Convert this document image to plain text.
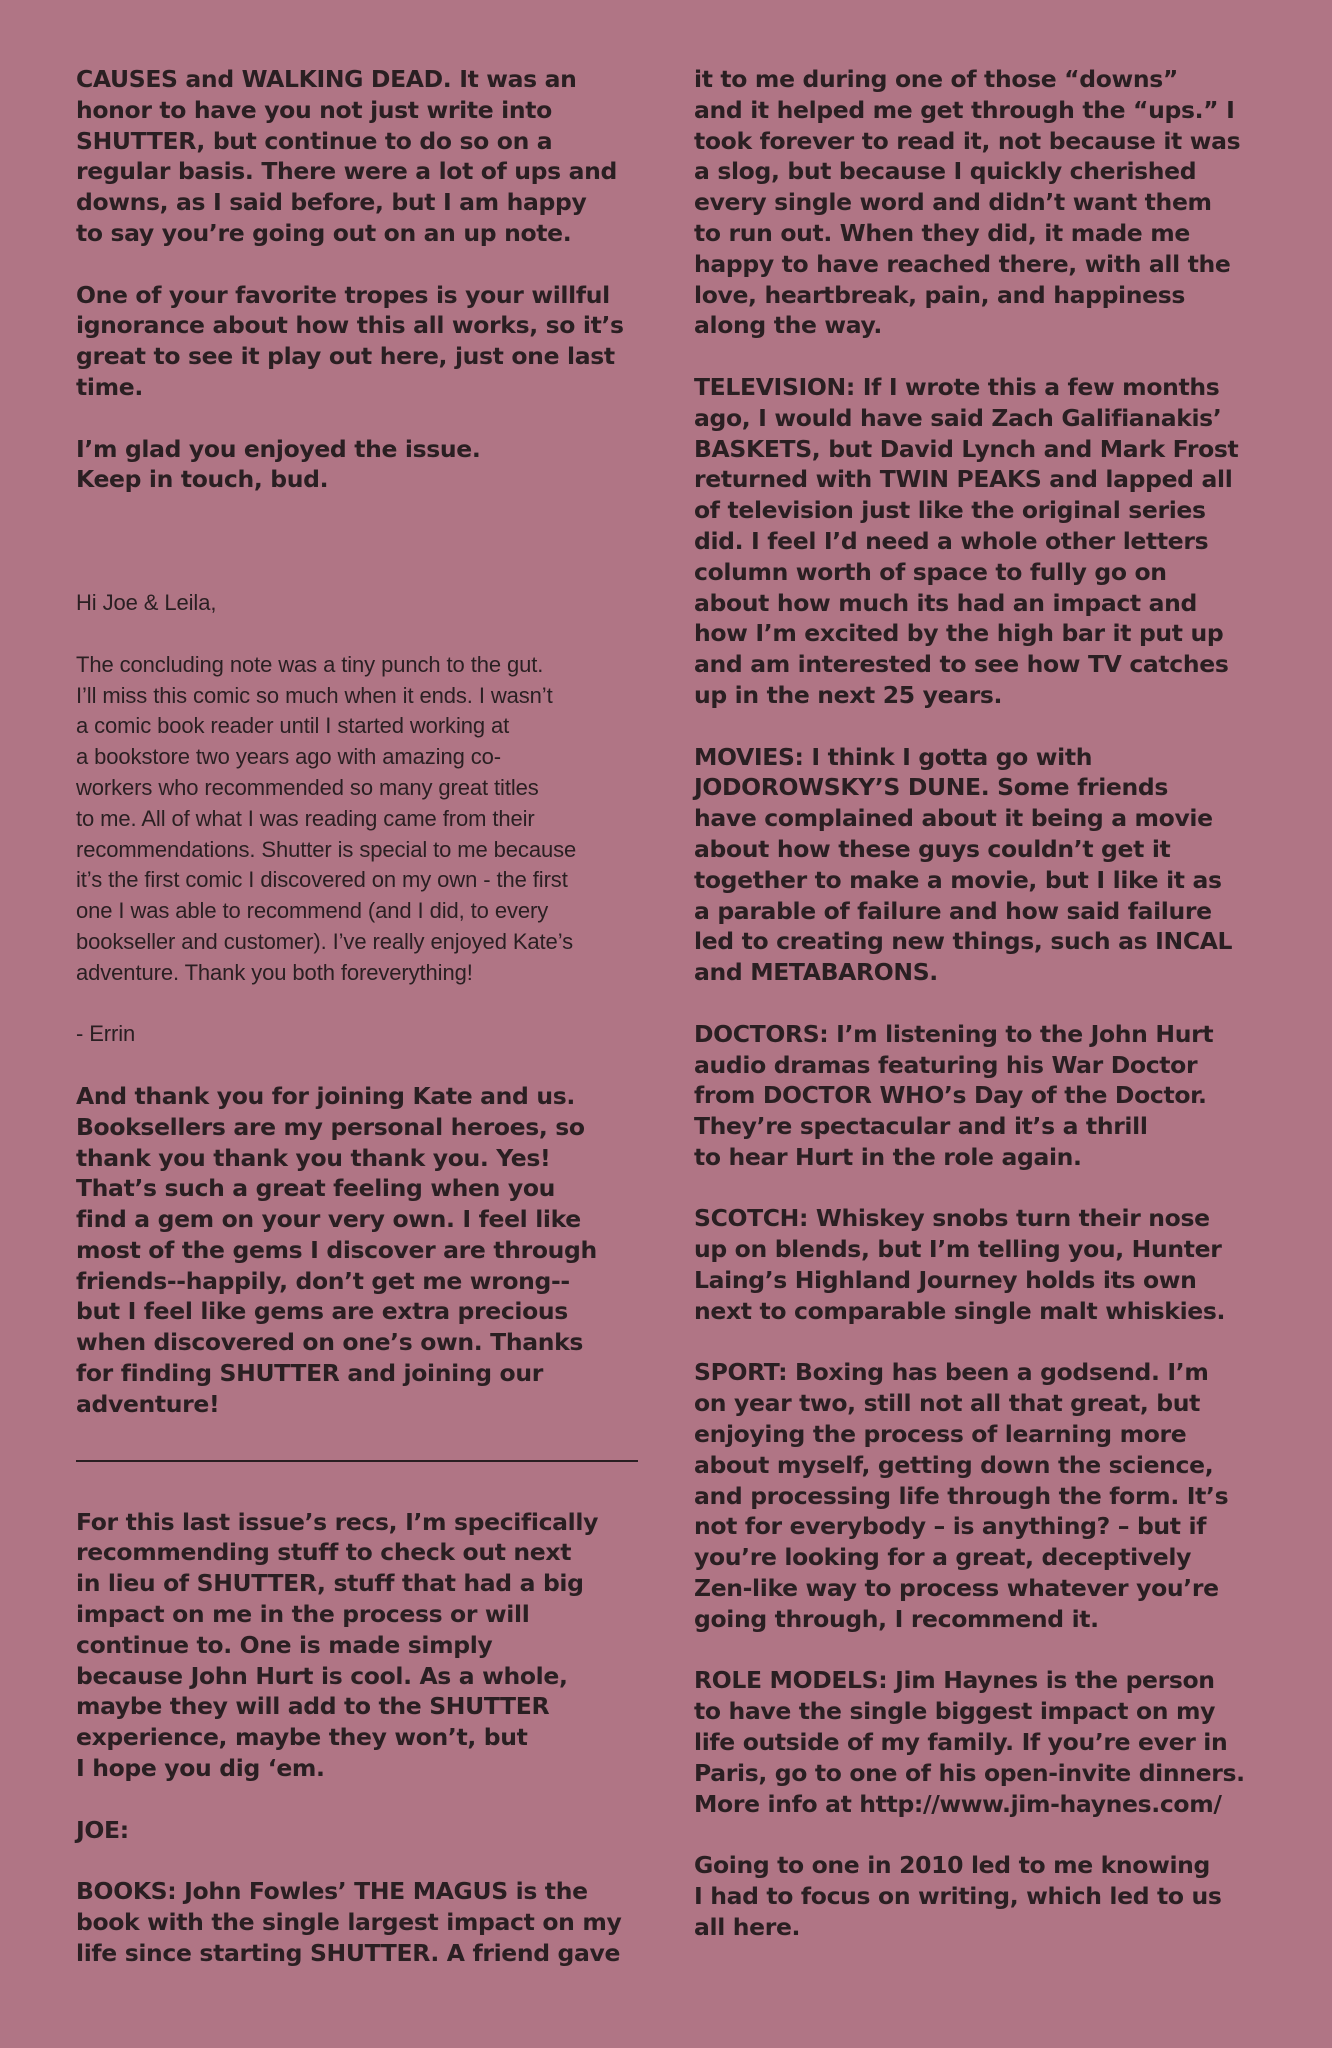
CAUSES and WALKING DEAD. It was an
honor to have you not just write into
SHUTTER, but continue to do so on a
regular basis. There were a lot of ups and
downs, as I said before, but I am happy
to say you’re going out on an up note.

One of your favorite tropes is your willful
ignorance about how this all works, so it’s
great to see it play out here, just one last
time.

I’m glad you enjoyed the issue.
Keep in touch, bud.

Hi Joe & Leila,

The concluding note was a tiny punch to the gut.
I’ll miss this comic so much when it ends. I wasn’t
a comic book reader until I started working at
a bookstore two years ago with amazing co-
workers who recommended so many great titles
to me. All of what I was reading came from their
recommendations. Shutter is special to me because
it’s the first comic I discovered on my own - the first
one I was able to recommend (and I did, to every
bookseller and customer). I’ve really enjoyed Kate’s
adventure. Thank you both foreverything!

- Errin

And thank you for joining Kate and us.
Booksellers are my personal heroes, so
thank you thank you thank you. Yes!
That’s such a great feeling when you
find a gem on your very own. I feel like
most of the gems I discover are through
friends--happily, don’t get me wrong--
but I feel like gems are extra precious
when discovered on one’s own. Thanks
for finding SHUTTER and joining our
adventure!

For this last issue’s recs, I’m specifically
recommending stuff to check out next
in lieu of SHUTTER, stuff that had a big
impact on me in the process or will
continue to. One is made simply
because John Hurt is cool. As a whole,
maybe they will add to the SHUTTER
experience, maybe they won’t, but
I hope you dig ‘em.

JOE:

BOOKS: John Fowles’ THE MAGUS is the
book with the single largest impact on my
life since starting SHUTTER. A friend gave

it to me during one of those “downs”
and it helped me get through the “ups.” I
took forever to read it, not because it was
a slog, but because I quickly cherished
every single word and didn’t want them
to run out. When they did, it made me
happy to have reached there, with all the
love, heartbreak, pain, and happiness
along the way.

TELEVISION: If I wrote this a few months
ago, I would have said Zach Galifianakis’
BASKETS, but David Lynch and Mark Frost
returned with TWIN PEAKS and lapped all
of television just like the original series
did. I feel I’d need a whole other letters
column worth of space to fully go on
about how much its had an impact and
how I’m excited by the high bar it put up
and am interested to see how TV catches
up in the next 25 years.

MOVIES: I think I gotta go with
JODOROWSKY’S DUNE. Some friends
have complained about it being a movie
about how these guys couldn’t get it
together to make a movie, but I like it as
a parable of failure and how said failure
led to creating new things, such as INCAL
and METABARONS.

DOCTORS: I’m listening to the John Hurt
audio dramas featuring his War Doctor
from DOCTOR WHO’s Day of the Doctor.
They’re spectacular and it’s a thrill
to hear Hurt in the role again.

SCOTCH: Whiskey snobs turn their nose
up on blends, but I’m telling you, Hunter
Laing’s Highland Journey holds its own
next to comparable single malt whiskies.

SPORT: Boxing has been a godsend. I’m
on year two, still not all that great, but
enjoying the process of learning more
about myself, getting down the science,
and processing life through the form. It’s
not for everybody – is anything? – but if
you’re looking for a great, deceptively
Zen-like way to process whatever you’re
going through, I recommend it.

ROLE MODELS: Jim Haynes is the person
to have the single biggest impact on my
life outside of my family. If you’re ever in
Paris, go to one of his open-invite dinners.
More info at http://www.jim-haynes.com/

Going to one in 2010 led to me knowing
I had to focus on writing, which led to us
all here.
